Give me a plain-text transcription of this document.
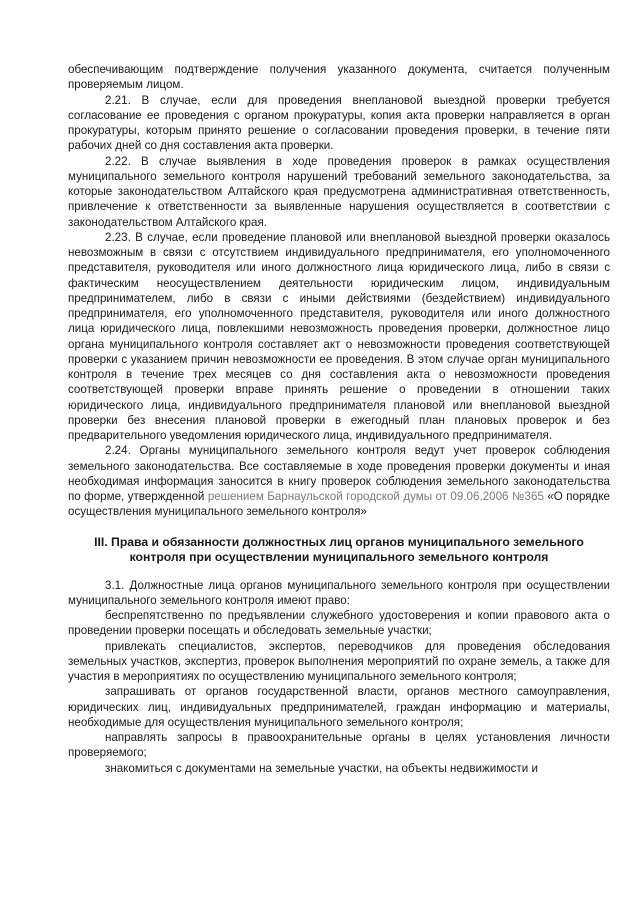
обеспечивающим подтверждение получения указанного документа, считается полученным проверяемым лицом.

2.21. В случае, если для проведения внеплановой выездной проверки требуется согласование ее проведения с органом прокуратуры, копия акта проверки направляется в орган прокуратуры, которым принято решение о согласовании проведения проверки, в течение пяти рабочих дней со дня составления акта проверки.

2.22. В случае выявления в ходе проведения проверок в рамках осуществления муниципального земельного контроля нарушений требований земельного законодательства, за которые законодательством Алтайского края предусмотрена административная ответственность, привлечение к ответственности за выявленные нарушения осуществляется в соответствии с законодательством Алтайского края.

2.23. В случае, если проведение плановой или внеплановой выездной проверки оказалось невозможным в связи с отсутствием индивидуального предпринимателя, его уполномоченного представителя, руководителя или иного должностного лица юридического лица, либо в связи с фактическим неосуществлением деятельности юридическим лицом, индивидуальным предпринимателем, либо в связи с иными действиями (бездействием) индивидуального предпринимателя, его уполномоченного представителя, руководителя или иного должностного лица юридического лица, повлекшими невозможность проведения проверки, должностное лицо органа муниципального контроля составляет акт о невозможности проведения соответствующей проверки с указанием причин невозможности ее проведения. В этом случае орган муниципального контроля в течение трех месяцев со дня составления акта о невозможности проведения соответствующей проверки вправе принять решение о проведении в отношении таких юридического лица, индивидуального предпринимателя плановой или внеплановой выездной проверки без внесения плановой проверки в ежегодный план плановых проверок и без предварительного уведомления юридического лица, индивидуального предпринимателя.

2.24. Органы муниципального земельного контроля ведут учет проверок соблюдения земельного законодательства. Все составляемые в ходе проведения проверки документы и иная необходимая информация заносится в книгу проверок соблюдения земельного законодательства по форме, утвержденной решением Барнаульской городской думы от 09.06.2006 №365 «О порядке осуществления муниципального земельного контроля»

III. Права и обязанности должностных лиц органов муниципального земельного контроля при осуществлении муниципального земельного контроля

3.1. Должностные лица органов муниципального земельного контроля при осуществлении муниципального земельного контроля имеют право:

беспрепятственно по предъявлении служебного удостоверения и копии правового акта о проведении проверки посещать и обследовать земельные участки;

привлекать специалистов, экспертов, переводчиков для проведения обследования земельных участков, экспертиз, проверок выполнения мероприятий по охране земель, а также для участия в мероприятиях по осуществлению муниципального земельного контроля;

запрашивать от органов государственной власти, органов местного самоуправления, юридических лиц, индивидуальных предпринимателей, граждан информацию и материалы, необходимые для осуществления муниципального земельного контроля;

направлять запросы в правоохранительные органы в целях установления личности проверяемого;

знакомиться с документами на земельные участки, на объекты недвижимости и
